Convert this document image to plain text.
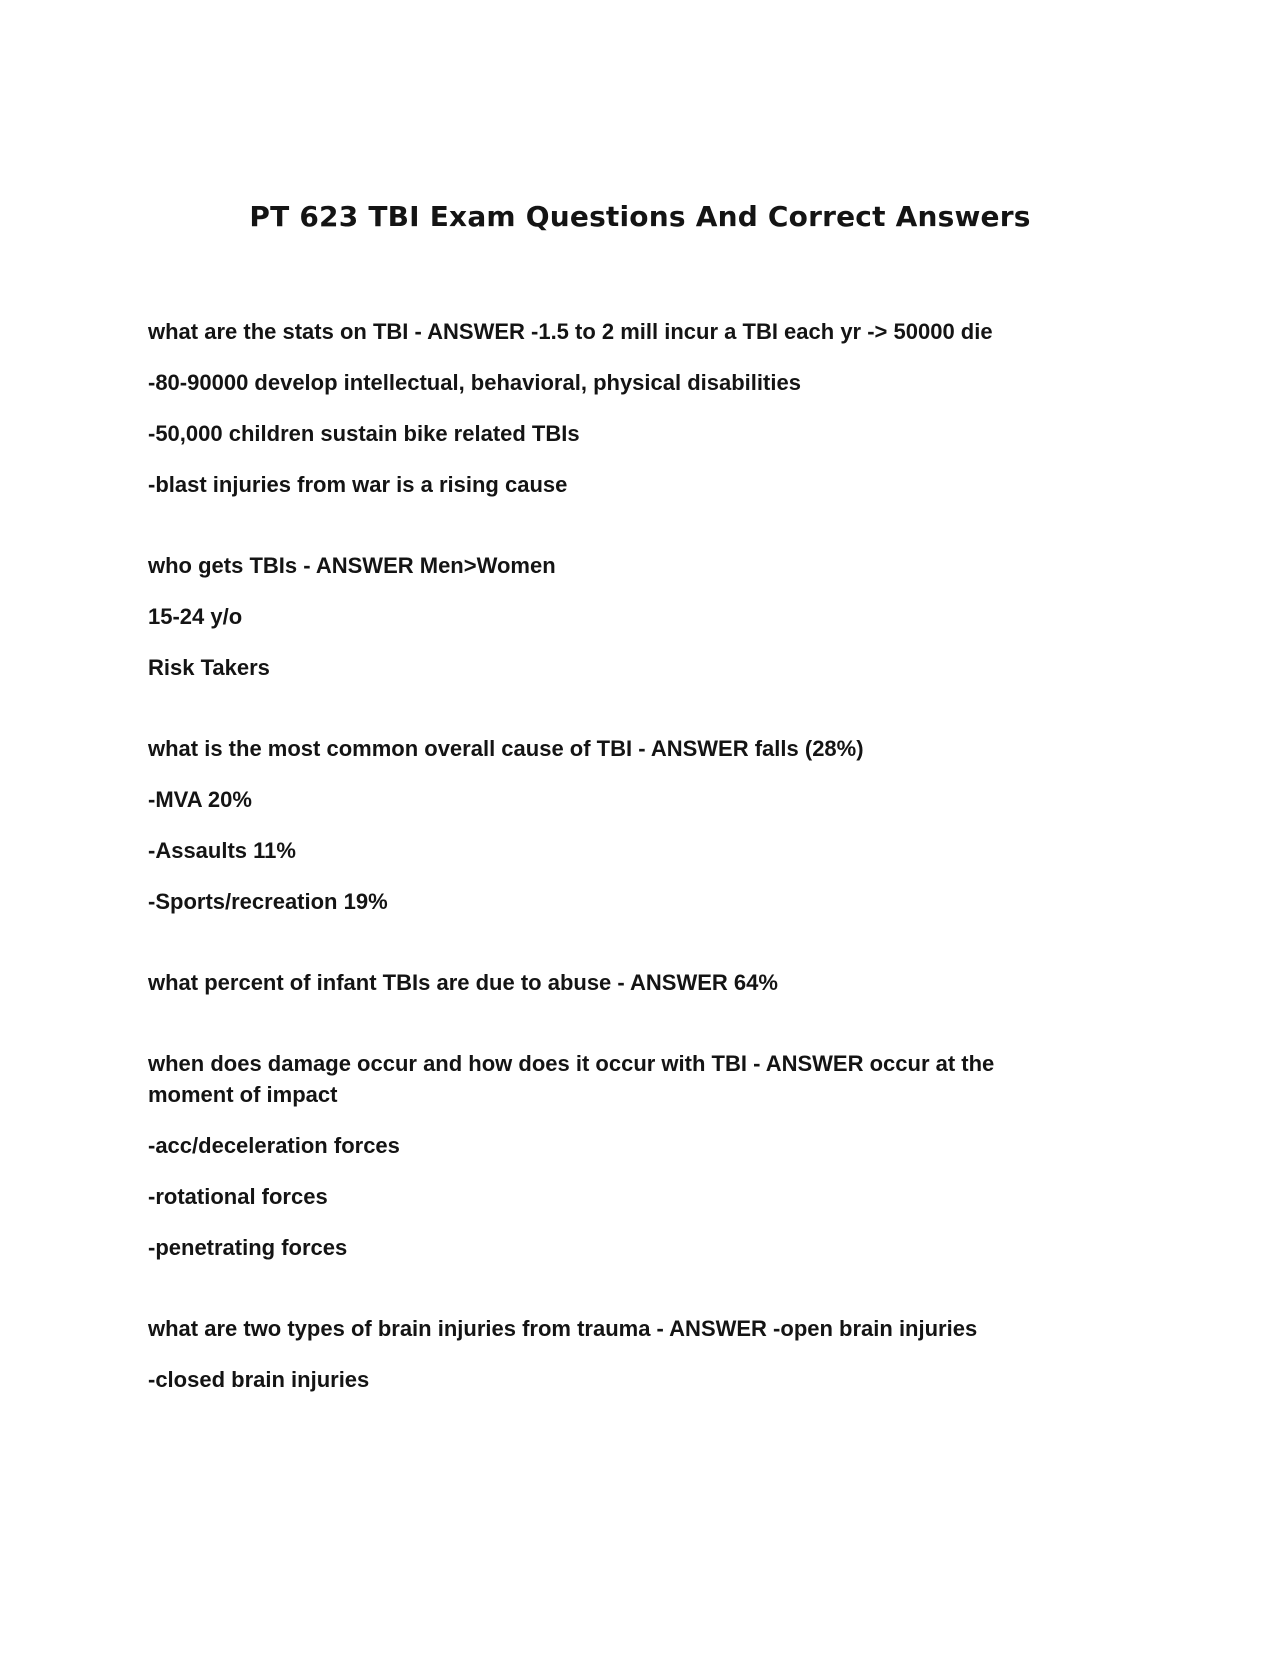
PT 623 TBI Exam Questions And Correct Answers

what are the stats on TBI - ANSWER -1.5 to 2 mill incur a TBI each yr -> 50000 die

-80-90000 develop intellectual, behavioral, physical disabilities

-50,000 children sustain bike related TBIs

-blast injuries from war is a rising cause

who gets TBIs - ANSWER Men>Women

15-24 y/o

Risk Takers

what is the most common overall cause of TBI - ANSWER falls (28%)

-MVA 20%

-Assaults 11%

-Sports/recreation 19%

what percent of infant TBIs are due to abuse - ANSWER 64%

when does damage occur and how does it occur with TBI - ANSWER occur at the moment of impact

-acc/deceleration forces

-rotational forces

-penetrating forces

what are two types of brain injuries from trauma - ANSWER -open brain injuries

-closed brain injuries
